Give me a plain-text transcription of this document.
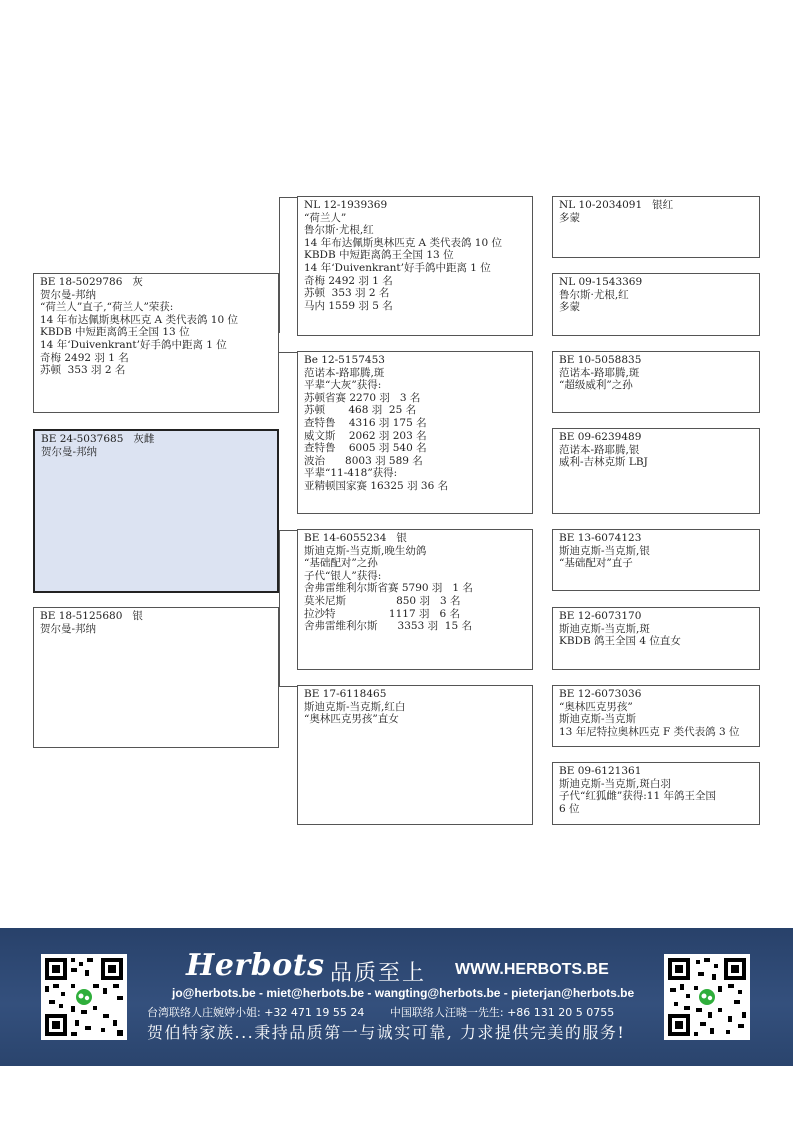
BE 18-5029786   灰
贺尔曼-邦纳
“荷兰人”直子,“荷兰人”荣获:
14 年布达佩斯奥林匹克 A 类代表鸽 10 位
KBDB 中短距离鸽王全国 13 位
14 年‘Duivenkrant’好手鸽中距离 1 位
奇梅 2492 羽 1 名
苏顿  353 羽 2 名
BE 24-5037685   灰雌
贺尔曼-邦纳
BE 18-5125680   银
贺尔曼-邦纳
NL 12-1939369
“荷兰人”
鲁尔斯·尤根,红
14 年布达佩斯奥林匹克 A 类代表鸽 10 位
KBDB 中短距离鸽王全国 13 位
14 年‘Duivenkrant’好手鸽中距离 1 位
奇梅 2492 羽 1 名
苏顿  353 羽 2 名
马内 1559 羽 5 名
Be 12-5157453
范诺本-路耶腾,斑
平辈“大灰”获得:
苏顿省赛 2270 羽   3 名
苏顿       468 羽  25 名
查特鲁    4316 羽 175 名
威文斯    2062 羽 203 名
查特鲁    6005 羽 540 名
波治      8003 羽 589 名
平辈“11-418”获得:
亚精顿国家赛 16325 羽 36 名
BE 14-6055234   银
斯迪克斯-当克斯,晚生幼鸽
“基础配对”之孙
子代“银人”获得:
舍弗雷维利尔斯省赛 5790 羽   1 名
莫米尼斯               850 羽   3 名
拉沙特                1117 羽   6 名
舍弗雷维利尔斯      3353 羽  15 名
BE 17-6118465
斯迪克斯-当克斯,红白
“奥林匹克男孩”直女
NL 10-2034091   银红
多蒙
NL 09-1543369
鲁尔斯·尤根,红
多蒙
BE 10-5058835
范诺本-路耶腾,斑
“超级威利”之孙
BE 09-6239489
范诺本-路耶腾,银
威利-吉林克斯 LBJ
BE 13-6074123
斯迪克斯-当克斯,银
“基础配对”直子
BE 12-6073170
斯迪克斯-当克斯,斑
KBDB 鸽王全国 4 位直女
BE 12-6073036
“奥林匹克男孩”
斯迪克斯-当克斯
13 年尼特拉奥林匹克 F 类代表鸽 3 位
BE 09-6121361
斯迪克斯-当克斯,斑白羽
子代“红狐雌”获得:11 年鸽王全国
6 位
Herbots 品质至上 WWW.HERBOTS.BE
jo@herbots.be - miet@herbots.be - wangting@herbots.be - pieterjan@herbots.be
台湾联络人庄婉婷小姐: +32 471 19 55 24 中国联络人汪晓一先生: +86 131 20 5 0755
贺伯特家族...秉持品质第一与诚实可靠, 力求提供完美的服务!
